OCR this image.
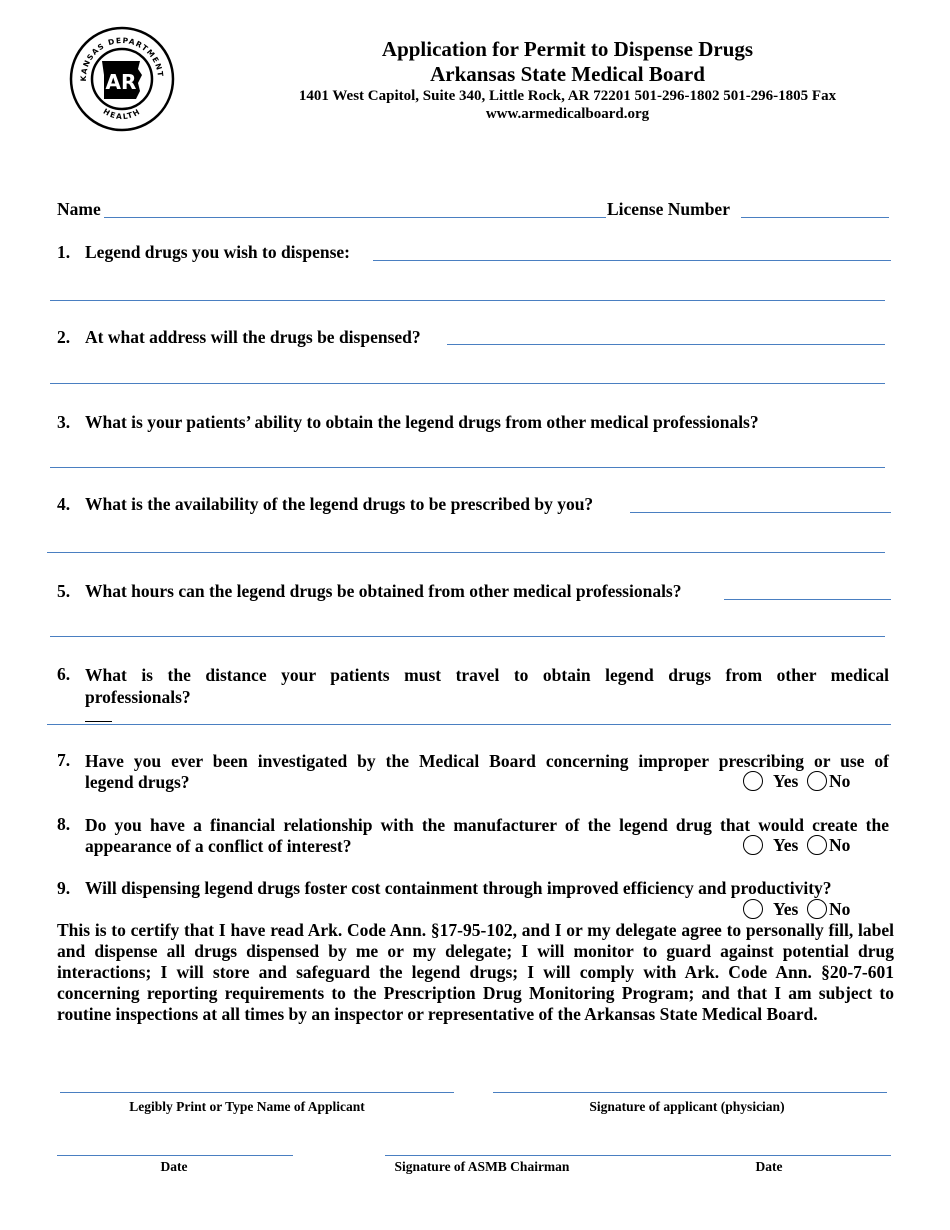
KANSAS DEPARTMENT
HEALTH
AR
Application for Permit to Dispense Drugs
Arkansas State Medical Board
1401 West Capitol, Suite 340, Little Rock, AR 72201 501-296-1802 501-296-1805 Fax
www.armedicalboard.org
Name	License Number
1. Legend drugs you wish to dispense:
2. At what address will the drugs be dispensed?
3. What is your patients’ ability to obtain the legend drugs from other medical professionals?
4. What is the availability of the legend drugs to be prescribed by you?
5. What hours can the legend drugs be obtained from other medical professionals?
6. What is the distance your patients must travel to obtain legend drugs from other medical
professionals?
7. Have you ever been investigated by the Medical Board concerning improper prescribing or use of
legend drugs?	Yes No
8. Do you have a financial relationship with the manufacturer of the legend drug that would create the
appearance of a conflict of interest?	Yes No
9. Will dispensing legend drugs foster cost containment through improved efficiency and productivity?
Yes No
This is to certify that I have read Ark. Code Ann. §17-95-102, and I or my delegate agree to personally fill, label and dispense all drugs dispensed by me or my delegate; I will monitor to guard against potential drug interactions; I will store and safeguard the legend drugs; I will comply with Ark. Code Ann. §20-7-601 concerning reporting requirements to the Prescription Drug Monitoring Program; and that I am subject to routine inspections at all times by an inspector or representative of the Arkansas State Medical Board.
Legibly Print or Type Name of Applicant	Signature of applicant (physician)
Date	Signature of ASMB Chairman	Date
